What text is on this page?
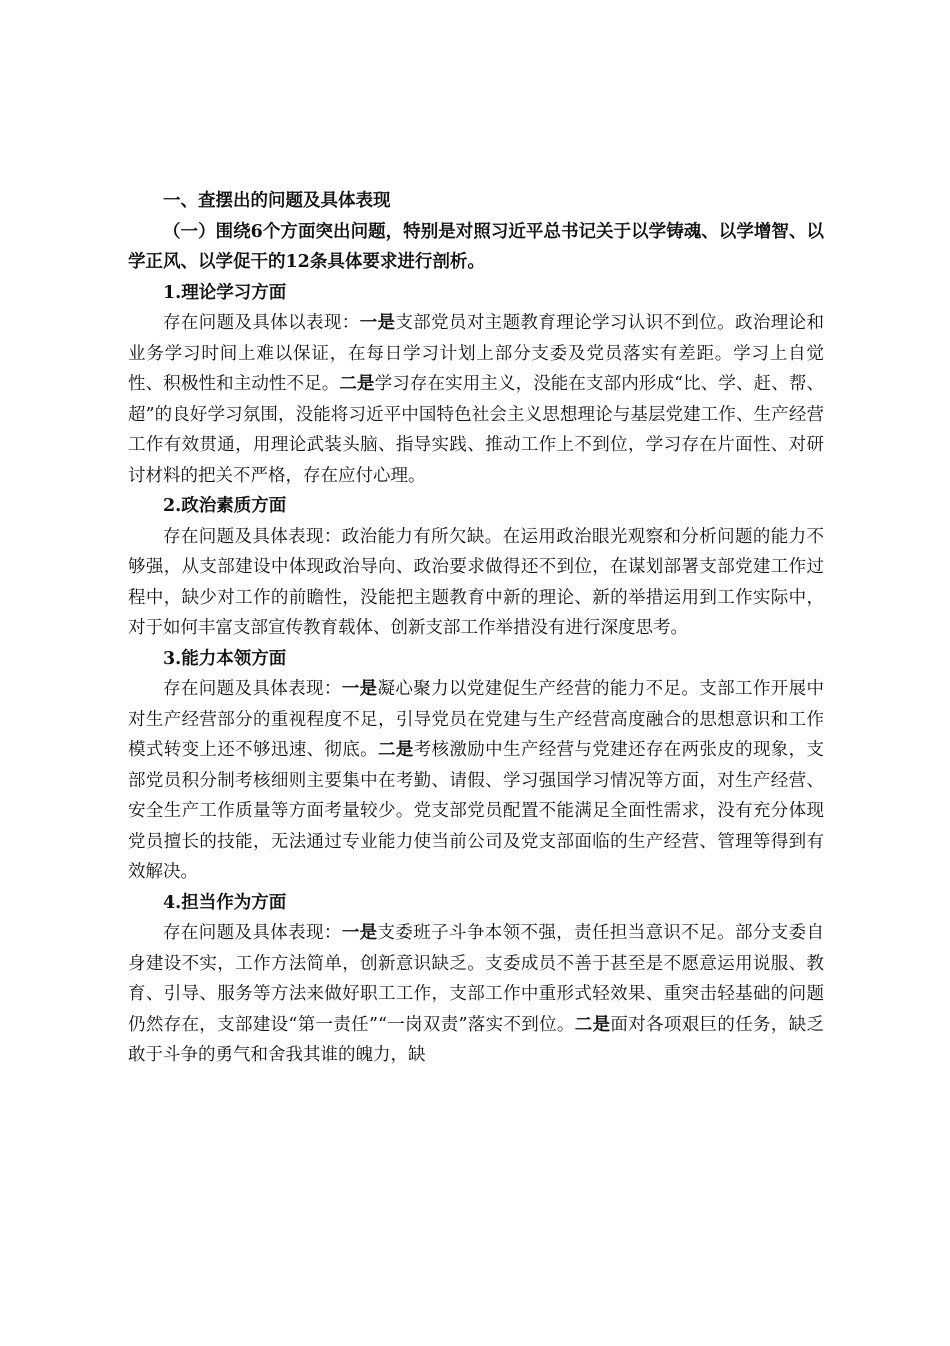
一、查摆出的问题及具体表现

（一）围绕6个方面突出问题，特别是对照习近平总书记关于以学铸魂、以学增智、以学正风、以学促干的12条具体要求进行剖析。

1.理论学习方面

存在问题及具体以表现：一是支部党员对主题教育理论学习认识不到位。政治理论和业务学习时间上难以保证，在每日学习计划上部分支委及党员落实有差距。学习上自觉性、积极性和主动性不足。二是学习存在实用主义，没能在支部内形成“比、学、赶、帮、超”的良好学习氛围，没能将习近平中国特色社会主义思想理论与基层党建工作、生产经营工作有效贯通，用理论武装头脑、指导实践、推动工作上不到位，学习存在片面性、对研讨材料的把关不严格，存在应付心理。

2.政治素质方面

存在问题及具体表现：政治能力有所欠缺。在运用政治眼光观察和分析问题的能力不够强，从支部建设中体现政治导向、政治要求做得还不到位，在谋划部署支部党建工作过程中，缺少对工作的前瞻性，没能把主题教育中新的理论、新的举措运用到工作实际中，对于如何丰富支部宣传教育载体、创新支部工作举措没有进行深度思考。

3.能力本领方面

存在问题及具体表现：一是凝心聚力以党建促生产经营的能力不足。支部工作开展中对生产经营部分的重视程度不足，引导党员在党建与生产经营高度融合的思想意识和工作模式转变上还不够迅速、彻底。二是考核激励中生产经营与党建还存在两张皮的现象，支部党员积分制考核细则主要集中在考勤、请假、学习强国学习情况等方面，对生产经营、安全生产工作质量等方面考量较少。党支部党员配置不能满足全面性需求，没有充分体现党员擅长的技能，无法通过专业能力使当前公司及党支部面临的生产经营、管理等得到有效解决。

4.担当作为方面

存在问题及具体表现：一是支委班子斗争本领不强，责任担当意识不足。部分支委自身建设不实，工作方法简单，创新意识缺乏。支委成员不善于甚至是不愿意运用说服、教育、引导、服务等方法来做好职工工作，支部工作中重形式轻效果、重突击轻基础的问题仍然存在，支部建设“第一责任”“一岗双责”落实不到位。二是面对各项艰巨的任务，缺乏敢于斗争的勇气和舍我其谁的魄力，缺
